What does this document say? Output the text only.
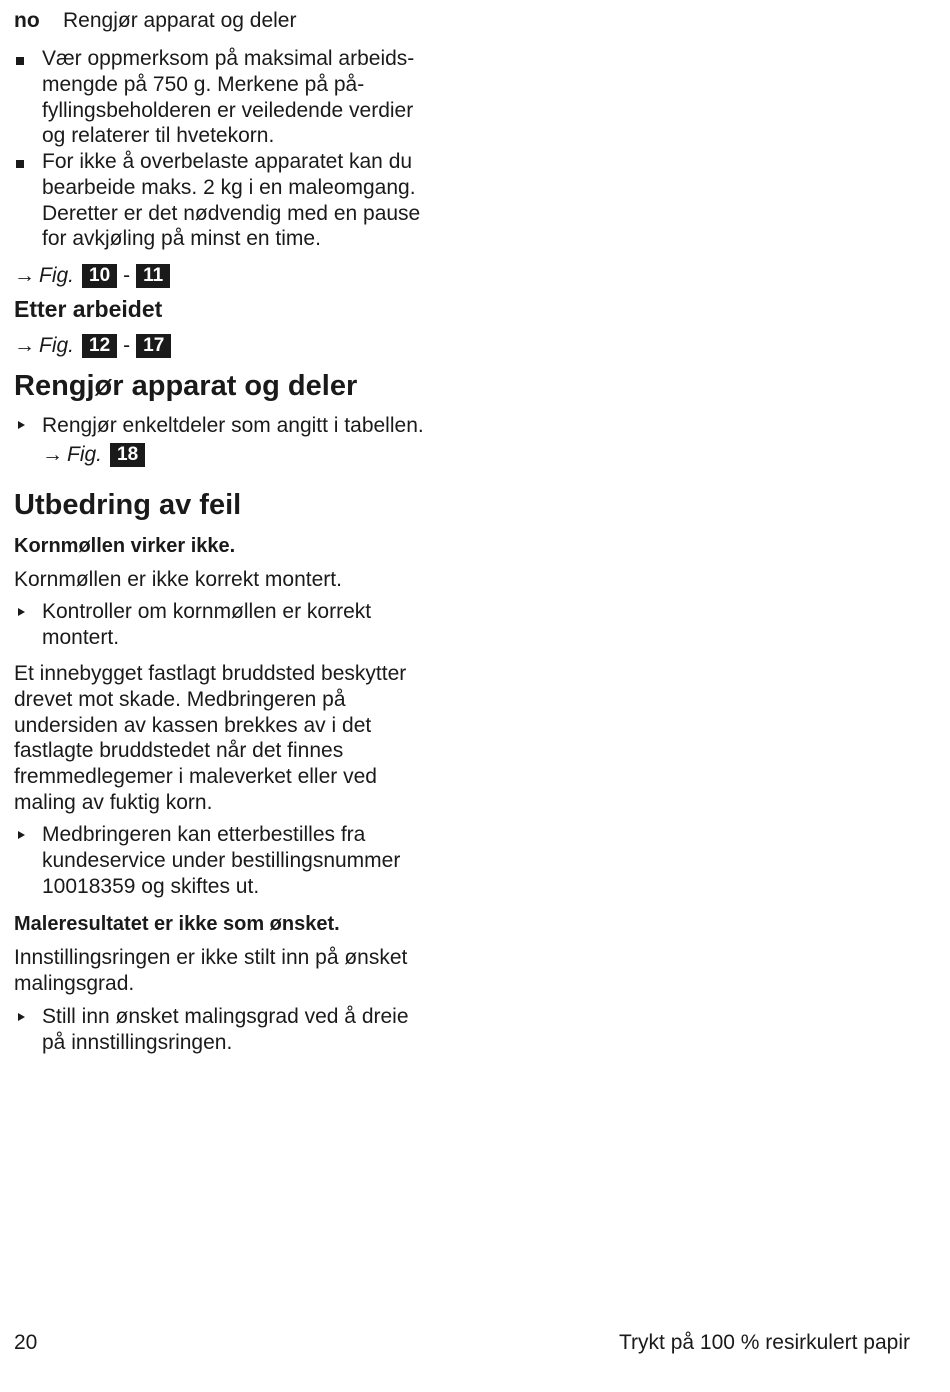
no	Rengjør apparat og deler
Vær oppmerksom på maksimal arbeids-
mengde på 750 g. Merkene på på-
fyllingsbeholderen er veiledende verdier
og relaterer til hvetekorn.
For ikke å overbelaste apparatet kan du
bearbeide maks. 2 kg i en maleomgang.
Deretter er det nødvendig med en pause
for avkjøling på minst en time.
→ Fig. 10 - 11
Etter arbeidet
→ Fig. 12 - 17
Rengjør apparat og deler
Rengjør enkeltdeler som angitt i tabellen.
→ Fig. 18
Utbedring av feil
Kornmøllen virker ikke.
Kornmøllen er ikke korrekt montert.
Kontroller om kornmøllen er korrekt
montert.
Et innebygget fastlagt bruddsted beskytter
drevet mot skade. Medbringeren på
undersiden av kassen brekkes av i det
fastlagte bruddstedet når det finnes
fremmedlegemer i maleverket eller ved
maling av fuktig korn.
Medbringeren kan etterbestilles fra
kundeservice under bestillingsnummer
10018359 og skiftes ut.
Maleresultatet er ikke som ønsket.
Innstillingsringen er ikke stilt inn på ønsket
malingsgrad.
Still inn ønsket malingsgrad ved å dreie
på innstillingsringen.
20	Trykt på 100 % resirkulert papir
